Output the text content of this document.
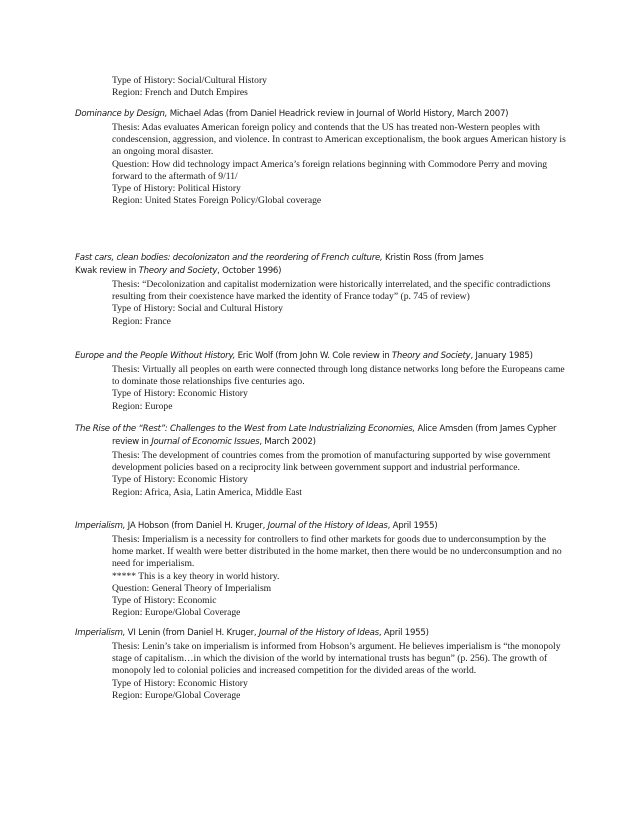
Type of History: Social/Cultural History

Region: French and Dutch Empires

Dominance by Design, Michael Adas (from Daniel Headrick review in Journal of World History, March 2007)

Thesis: Adas evaluates American foreign policy and contends that the US has treated non-Western peoples with condescension, aggression, and violence. In contrast to American exceptionalism, the book argues American history is an ongoing moral disaster.

Question: How did technology impact America’s foreign relations beginning with Commodore Perry and moving forward to the aftermath of 9/11/

Type of History: Political History

Region: United States Foreign Policy/Global coverage

Fast cars, clean bodies: decolonizaton and the reordering of French culture, Kristin Ross (from James
Kwak review in Theory and Society, October 1996)

Thesis: “Decolonization and capitalist modernization were historically interrelated, and the specific contradictions resulting from their coexistence have marked the identity of France today” (p. 745 of review)

Type of History: Social and Cultural History

Region: France

Europe and the People Without History, Eric Wolf (from John W. Cole review in Theory and Society, January 1985)

Thesis: Virtually all peoples on earth were connected through long distance networks long before the Europeans came to dominate those relationships five centuries ago.

Type of History: Economic History

Region: Europe

The Rise of the “Rest”: Challenges to the West from Late Industrializing Economies, Alice Amsden (from James Cypher
review in Journal of Economic Issues, March 2002)

Thesis: The development of countries comes from the promotion of manufacturing supported by wise government development policies based on a reciprocity link between government support and industrial performance.

Type of History: Economic History

Region: Africa, Asia, Latin America, Middle East

Imperialism, JA Hobson (from Daniel H. Kruger, Journal of the History of Ideas, April 1955)

Thesis: Imperialism is a necessity for controllers to find other markets for goods due to underconsumption by the home market. If wealth were better distributed in the home market, then there would be no underconsumption and no need for imperialism.

***** This is a key theory in world history.

Question: General Theory of Imperialism

Type of History: Economic

Region: Europe/Global Coverage

Imperialism, VI Lenin (from Daniel H. Kruger, Journal of the History of Ideas, April 1955)

Thesis: Lenin’s take on imperialism is informed from Hobson’s argument. He believes imperialism is “the monopoly stage of capitalism…in which the division of the world by international trusts has begun” (p. 256). The growth of monopoly led to colonial policies and increased competition for the divided areas of the world.

Type of History: Economic History

Region: Europe/Global Coverage
